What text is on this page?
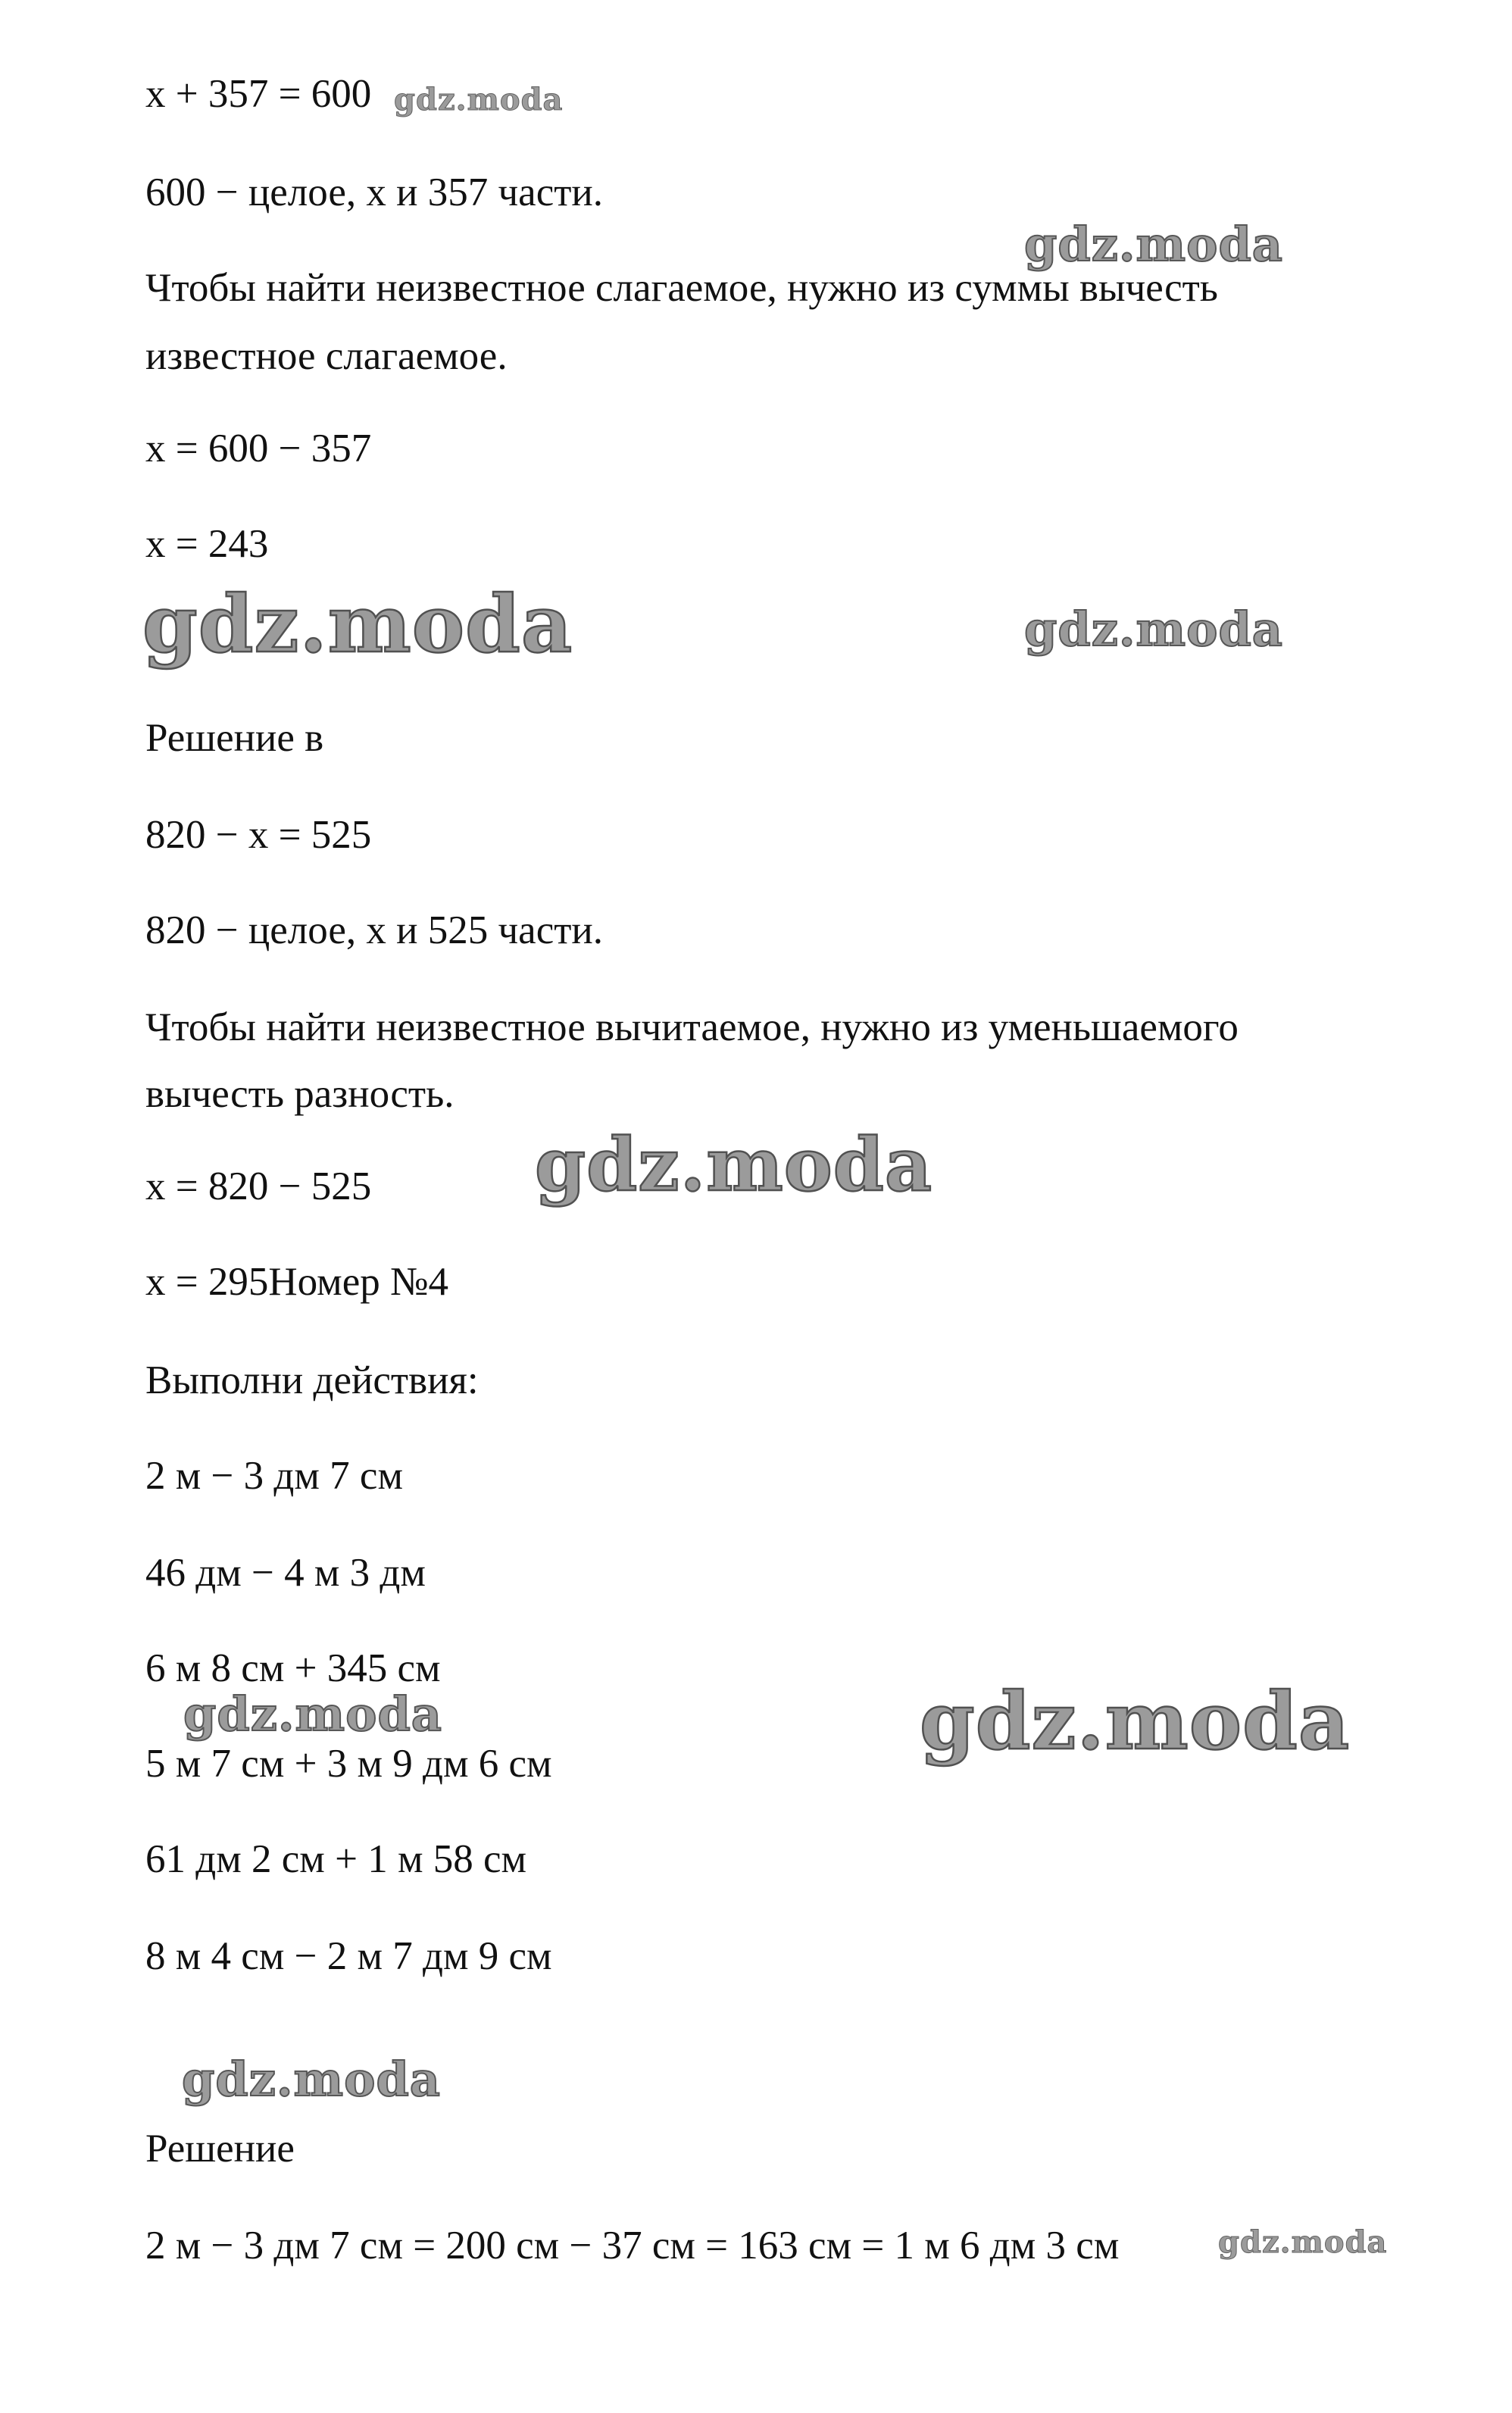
x + 357 = 600
600 − целое, x и 357 части.
Чтобы найти неизвестное слагаемое, нужно из суммы вычесть
известное слагаемое.
x = 600 − 357
x = 243
Решение в
820 − x = 525
820 − целое, x и 525 части.
Чтобы найти неизвестное вычитаемое, нужно из уменьшаемого
вычесть разность.
x = 820 − 525
x = 295Номер №4
Выполни действия:
2 м − 3 дм 7 см
46 дм − 4 м 3 дм
6 м 8 см + 345 см
5 м 7 см + 3 м 9 дм 6 см
61 дм 2 см + 1 м 58 см
8 м 4 см − 2 м 7 дм 9 см
Решение
2 м − 3 дм 7 см = 200 см − 37 см = 163 см = 1 м 6 дм 3 см
gdz.moda
gdz.moda
gdz.moda	gdz.moda
gdz.moda
gdz.moda	gdz.moda
gdz.moda
gdz.moda
